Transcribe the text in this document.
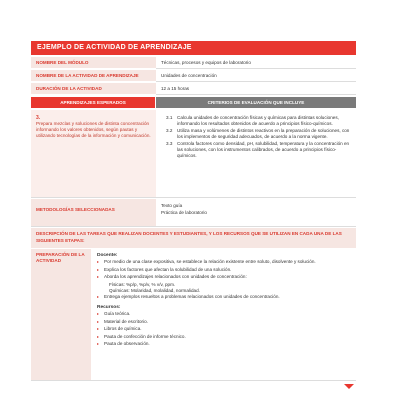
EJEMPLO DE ACTIVIDAD DE APRENDIZAJE
NOMBRE DEL MÓDULO	Técnicas, procesos y equipos de laboratorio
NOMBRE DE LA ACTIVIDAD DE APRENDIZAJE	Unidades de concentración
DURACIÓN DE LA ACTIVIDAD	12 a 15 horas
APRENDIZAJES ESPERADOS	CRITERIOS DE EVALUACIÓN QUE INCLUYE
3.
Prepara mezclas y soluciones de distinta concentración informando los valores obtenidos, según pautas y utilizando tecnologías de la información y comunicación.
3.1	Calcula unidades de concentración físicas y químicas para distintas soluciones, informando los resultados obtenidos de acuerdo a principios físico-químicos.
3.2	Utiliza masa y volúmenes de distintos reactivos en la preparación de soluciones, con los implementos de seguridad adecuados, de acuerdo a la norma vigente.
3.3	Controla factores como densidad, pH, solubilidad, temperatura y la concentración en las soluciones, con los instrumentos calibrados, de acuerdo a principios físico-químicos.
METODOLOGÍAS SELECCIONADAS
Texto guía
Práctica de laboratorio
DESCRIPCIÓN DE LAS TAREAS QUE REALIZAN DOCENTES Y ESTUDIANTES, Y LOS RECURSOS QUE SE UTILIZAN EN CADA UNA DE LAS SIGUIENTES ETAPAS:
PREPARACIÓN DE LA ACTIVIDAD
Docente:
▸	Por medio de una clase expositiva, se establece la relación existente entre soluto, disolvente y solución.
▸	Explica los factores que afectan la solubilidad de una solución.
▸	Aborda los aprendizajes relacionados con unidades de concentración:
Físicas: %p/p, %p/v, % v/v, ppm.
Químicas: Molaridad, molalidad, normalidad.
▸	Entrega ejemplos resueltos a problemas relacionados con unidades de concentración.
Recursos:
▸	Guía teórica.
▸	Material de escritorio.
▸	Libros de química.
▸	Pauta de confección de informe técnico.
▸	Pauta de observación.
